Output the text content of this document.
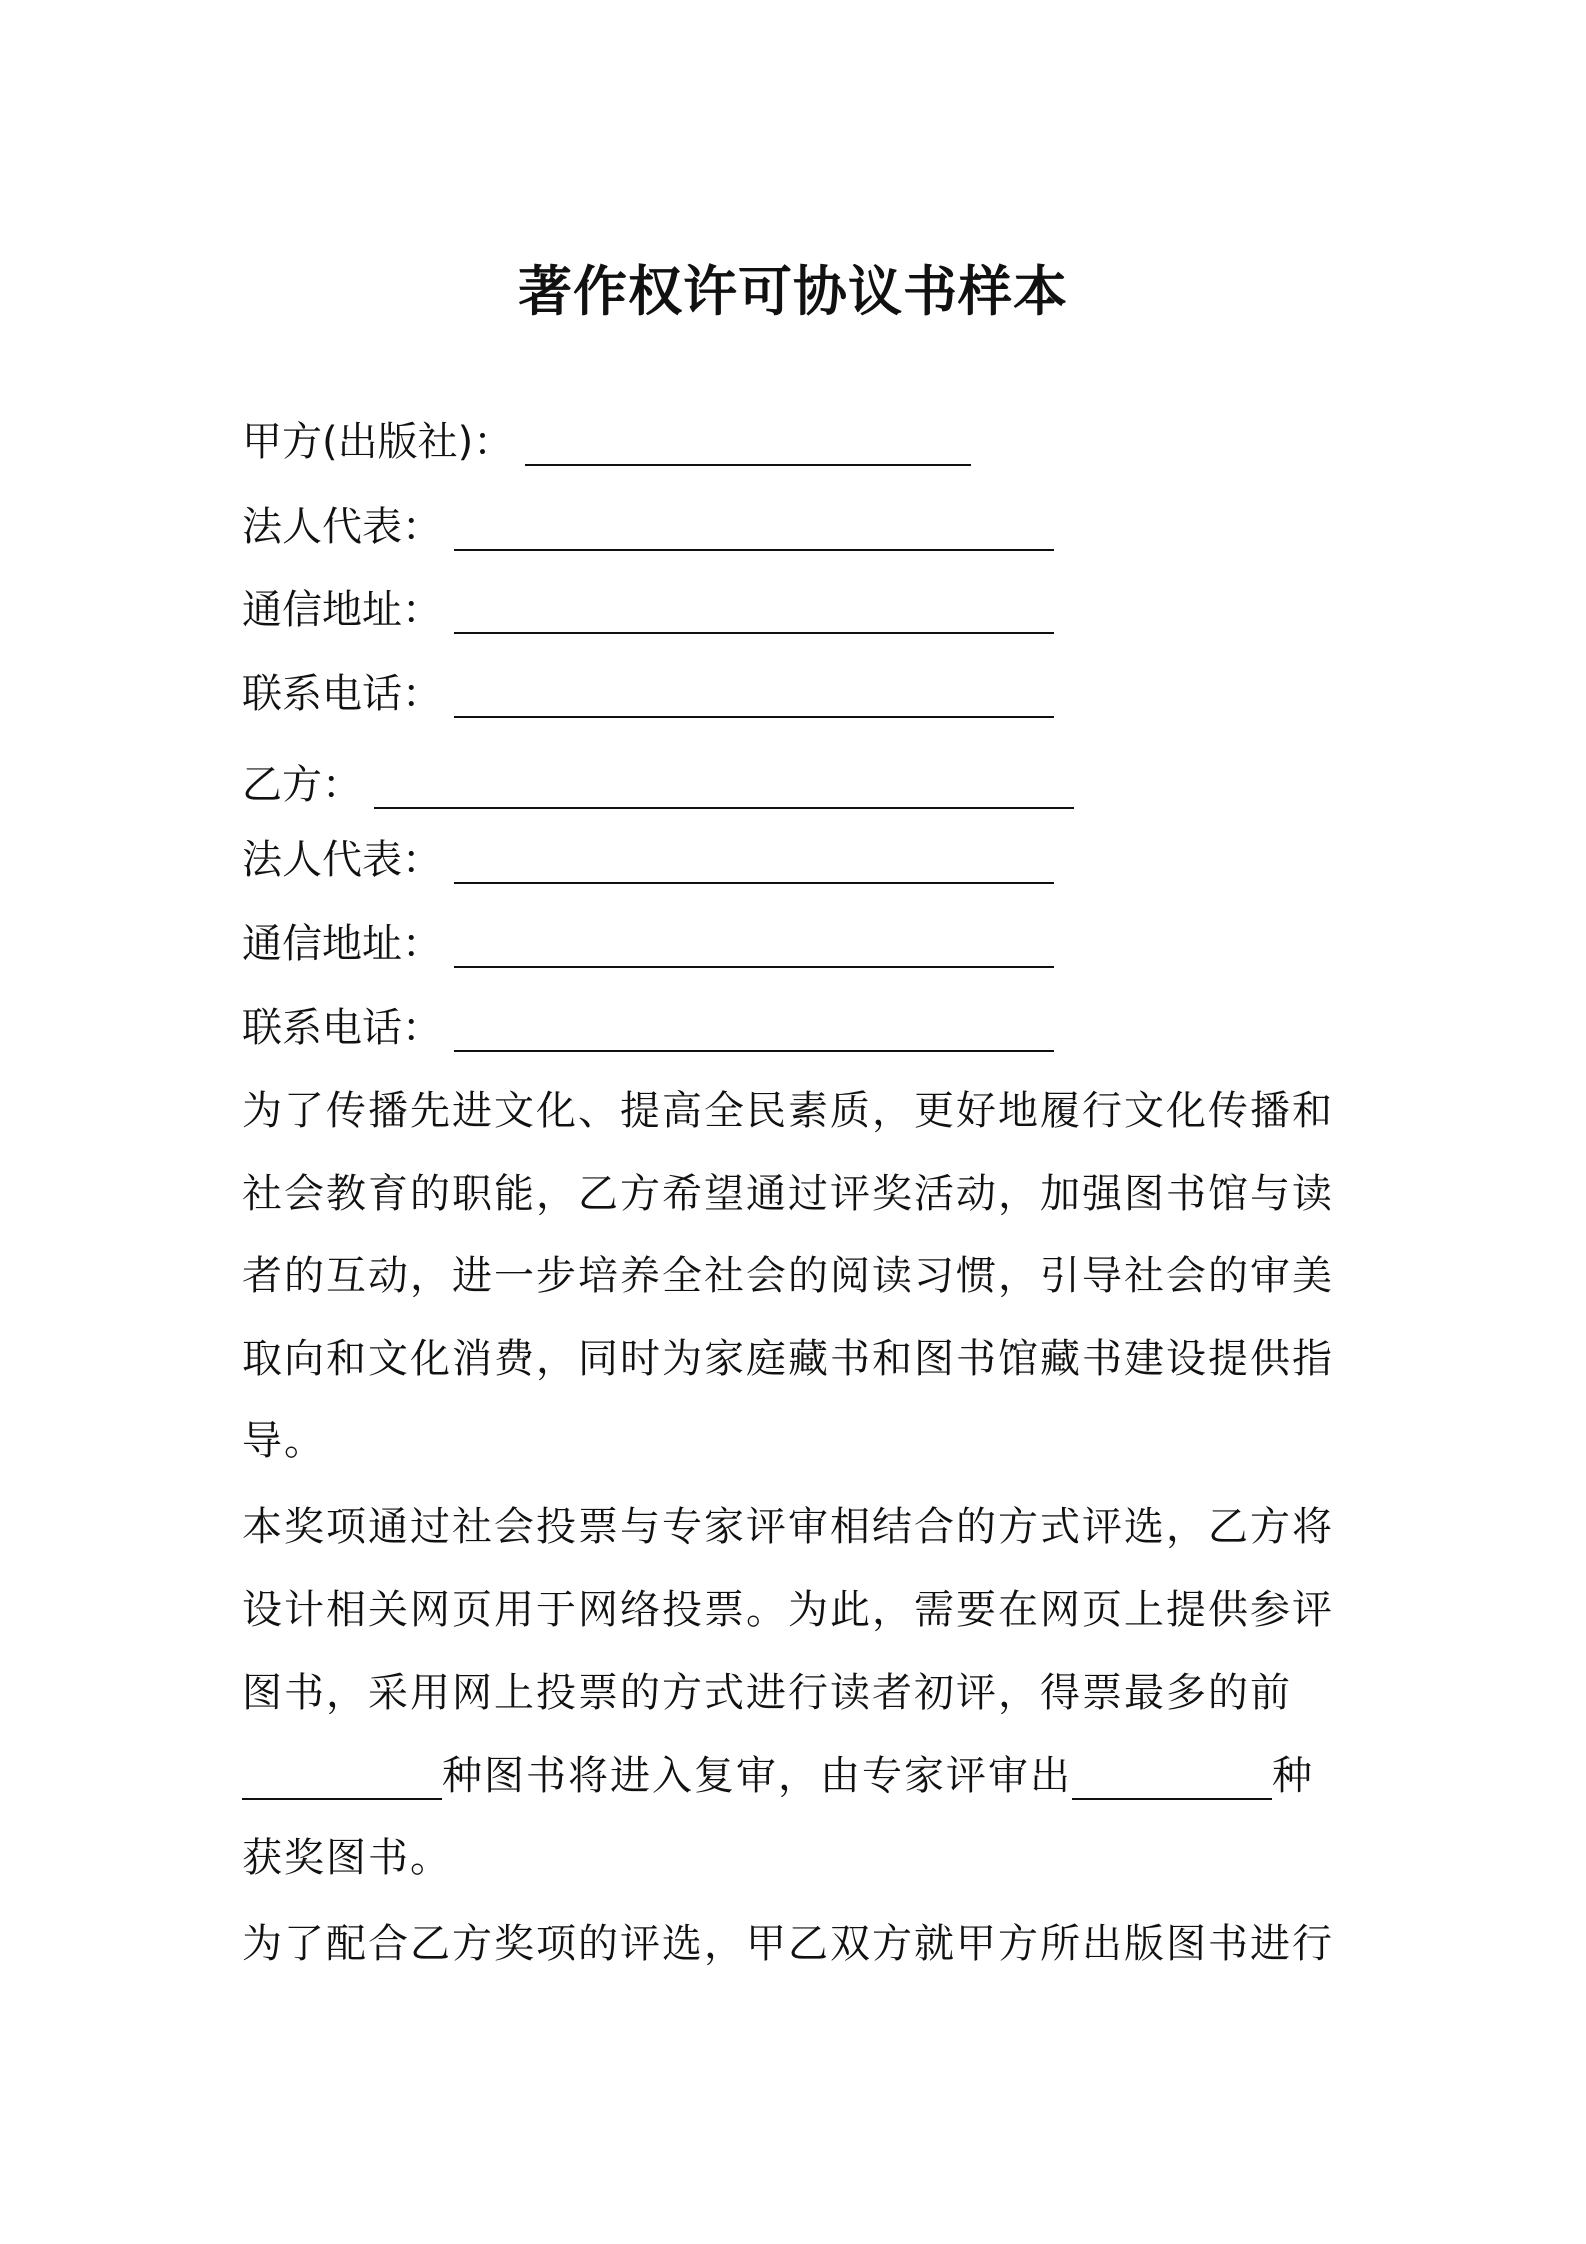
著作权许可协议书样本
甲方(出版社)：
法人代表：
通信地址：
联系电话：
乙方：
法人代表：
通信地址：
联系电话：
为了传播先进文化、提高全民素质，更好地履行文化传播和
社会教育的职能，乙方希望通过评奖活动，加强图书馆与读
者的互动，进一步培养全社会的阅读习惯，引导社会的审美
取向和文化消费，同时为家庭藏书和图书馆藏书建设提供指
导。
本奖项通过社会投票与专家评审相结合的方式评选，乙方将
设计相关网页用于网络投票。为此，需要在网页上提供参评
图书，采用网上投票的方式进行读者初评，得票最多的前
种图书将进入复审，由专家评审出	种
获奖图书。
为了配合乙方奖项的评选，甲乙双方就甲方所出版图书进行
